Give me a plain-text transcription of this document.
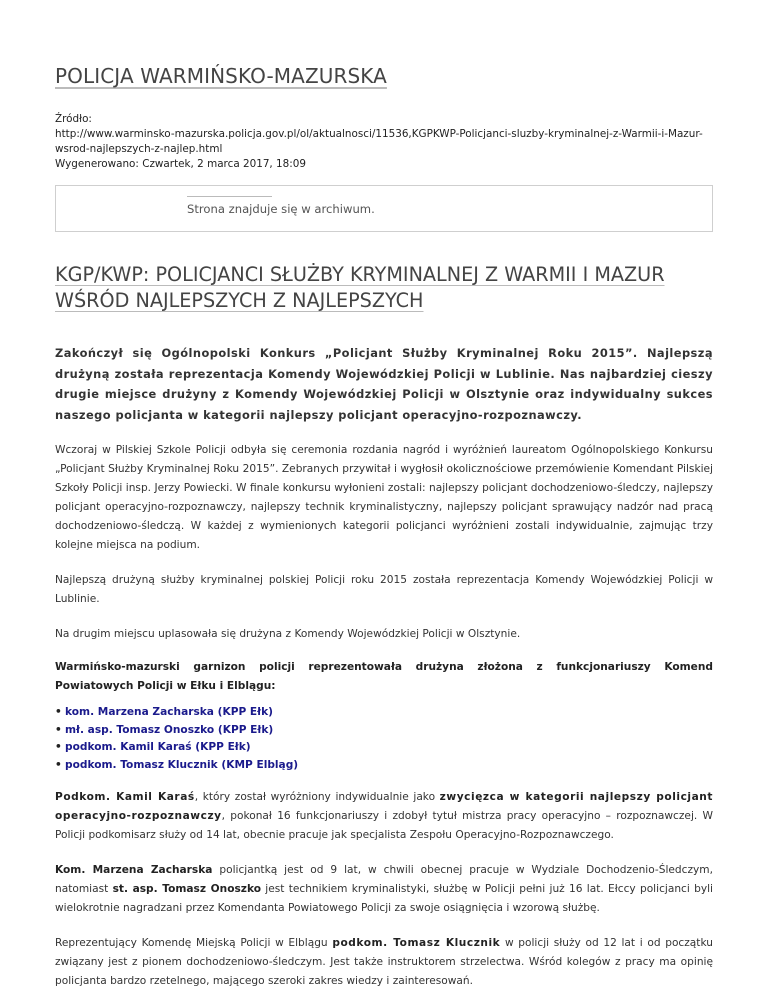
POLICJA WARMIŃSKO-MAZURSKA
Źródło:
http://www.warminsko-mazurska.policja.gov.pl/ol/aktualnosci/11536,KGPKWP-Policjanci-sluzby-kryminalnej-z-Warmii-i-Mazur-wsrod-najlepszych-z-najlep.html
Wygenerowano: Czwartek, 2 marca 2017, 18:09
Strona znajduje się w archiwum.
KGP/KWP: POLICJANCI SŁUŻBY KRYMINALNEJ Z WARMII I MAZUR WŚRÓD NAJLEPSZYCH Z NAJLEPSZYCH
Zakończył się Ogólnopolski Konkurs „Policjant Służby Kryminalnej Roku 2015”. Najlepszą drużyną została reprezentacja Komendy Wojewódzkiej Policji w Lublinie. Nas najbardziej cieszy drugie miejsce drużyny z Komendy Wojewódzkiej Policji w Olsztynie oraz indywidualny sukces naszego policjanta w kategorii najlepszy policjant operacyjno-rozpoznawczy.
Wczoraj w Pilskiej Szkole Policji odbyła się ceremonia rozdania nagród i wyróżnień laureatom Ogólnopolskiego Konkursu „Policjant Służby Kryminalnej Roku 2015”. Zebranych przywitał i wygłosił okolicznościowe przemówienie Komendant Pilskiej Szkoły Policji insp. Jerzy Powiecki. W finale konkursu wyłonieni zostali: najlepszy policjant dochodzeniowo-śledczy, najlepszy policjant operacyjno-rozpoznawczy, najlepszy technik kryminalistyczny, najlepszy policjant sprawujący nadzór nad pracą dochodzeniowo-śledczą. W każdej z wymienionych kategorii policjanci wyróżnieni zostali indywidualnie, zajmując trzy kolejne miejsca na podium.
Najlepszą drużyną służby kryminalnej polskiej Policji roku 2015 została reprezentacja Komendy Wojewódzkiej Policji w Lublinie.
Na drugim miejscu uplasowała się drużyna z Komendy Wojewódzkiej Policji w Olsztynie.
Warmińsko-mazurski garnizon policji reprezentowała drużyna złożona z funkcjonariuszy Komend Powiatowych Policji w Ełku i Elblągu:
• kom. Marzena Zacharska (KPP Ełk)
• mł. asp. Tomasz Onoszko (KPP Ełk)
• podkom. Kamil Karaś (KPP Ełk)
• podkom. Tomasz Klucznik (KMP Elbląg)
Podkom. Kamil Karaś, który został wyróżniony indywidualnie jako zwycięzca w kategorii najlepszy policjant operacyjno-rozpoznawczy, pokonał 16 funkcjonariuszy i zdobył tytuł mistrza pracy operacyjno – rozpoznawczej. W Policji podkomisarz służy od 14 lat, obecnie pracuje jak specjalista Zespołu Operacyjno-Rozpoznawczego.
Kom. Marzena Zacharska policjantką jest od 9 lat, w chwili obecnej pracuje w Wydziale Dochodzenio-Śledczym, natomiast st. asp. Tomasz Onoszko jest technikiem kryminalistyki, służbę w Policji pełni już 16 lat. Ełccy policjanci byli wielokrotnie nagradzani przez Komendanta Powiatowego Policji za swoje osiągnięcia i wzorową służbę.
Reprezentujący Komendę Miejską Policji w Elblągu podkom. Tomasz Klucznik w policji służy od 12 lat i od początku związany jest z pionem dochodzeniowo-śledczym. Jest także instruktorem strzelectwa. Wśród kolegów z pracy ma opinię policjanta bardzo rzetelnego, mającego szeroki zakres wiedzy i zainteresowań.
